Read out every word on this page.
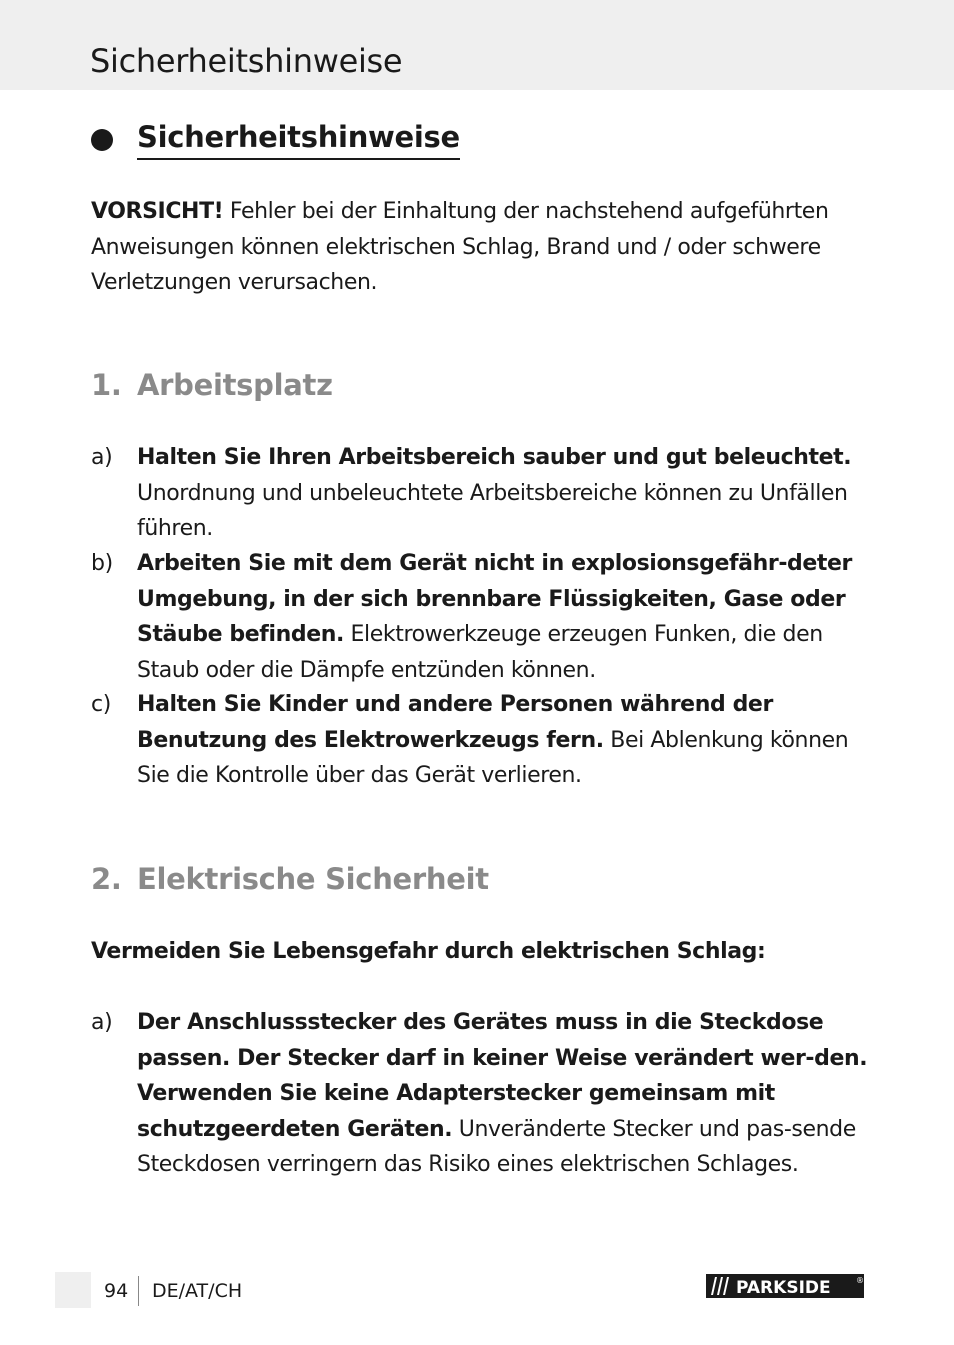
Sicherheitshinweise
Sicherheitshinweise
VORSICHT! Fehler bei der Einhaltung der nachstehend aufgeführten Anweisungen können elektrischen Schlag, Brand und / oder schwere Verletzungen verursachen.
1. Arbeitsplatz
a)	Halten Sie Ihren Arbeitsbereich sauber und gut beleuchtet. Unordnung und unbeleuchtete Arbeitsbereiche können zu Unfällen führen.
b)	Arbeiten Sie mit dem Gerät nicht in explosionsgefähr-deter Umgebung, in der sich brennbare Flüssigkeiten, Gase oder Stäube befinden. Elektrowerkzeuge erzeugen Funken, die den Staub oder die Dämpfe entzünden können.
c)	Halten Sie Kinder und andere Personen während der Benutzung des Elektrowerkzeugs fern. Bei Ablenkung können Sie die Kontrolle über das Gerät verlieren.
2. Elektrische Sicherheit
Vermeiden Sie Lebensgefahr durch elektrischen Schlag:
a)	Der Anschlussstecker des Gerätes muss in die Steckdose passen. Der Stecker darf in keiner Weise verändert wer-den. Verwenden Sie keine Adapterstecker gemeinsam mit schutzgeerdeten Geräten. Unveränderte Stecker und pas-sende Steckdosen verringern das Risiko eines elektrischen Schlages.
94 DE/AT/CH	PARKSIDE	®
